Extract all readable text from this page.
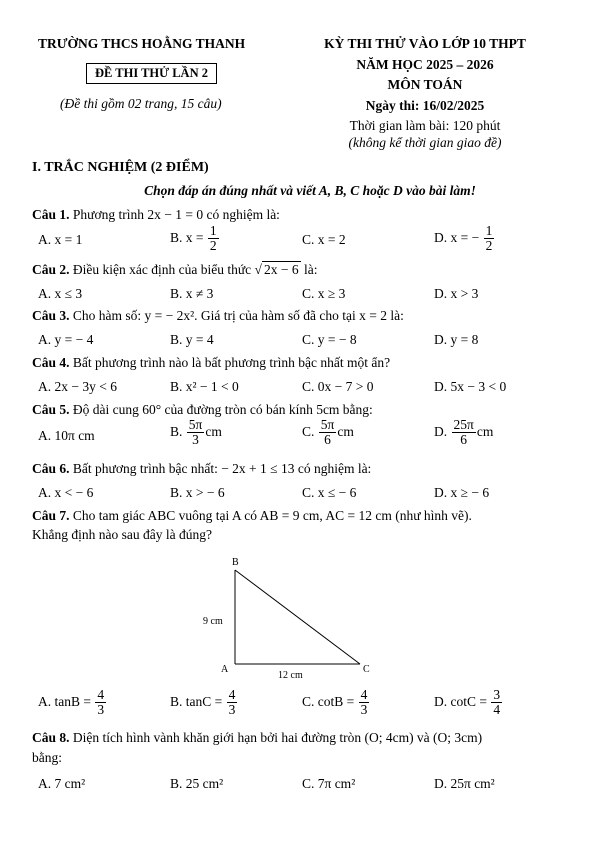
TRƯỜNG THCS HOẰNG THANH
ĐỀ THI THỬ LẦN 2
(Đề thi gồm 02 trang, 15 câu)
KỲ THI THỬ VÀO LỚP 10 THPT
NĂM HỌC 2025 – 2026
MÔN TOÁN
Ngày thi: 16/02/2025
Thời gian làm bài: 120 phút
(không kể thời gian giao đề)
I. TRẮC NGHIỆM (2 ĐIỂM)
Chọn đáp án đúng nhất và viết A, B, C hoặc D vào bài làm!
Câu 1. Phương trình 2x − 1 = 0 có nghiệm là:
A. x = 1	B. $x = \frac{1}{2}$	C. x = 2	D. x = − $\frac{1}{2}$
Câu 2. Điều kiện xác định của biểu thức √ 2x − 6 là:
A. x ≤ 3	B. x ≠ 3	C. x ≥ 3	D. x > 3
Câu 3. Cho hàm số: y = − 2x². Giá trị của hàm số đã cho tại x = 2 là:
A. y = − 4	B. y = 4	C. y = − 8	D. y = 8
Câu 4. Bất phương trình nào là bất phương trình bậc nhất một ẩn?
A. 2x − 3y < 6	B. x² − 1 < 0	C. 0x − 7 > 0	D. 5x − 3 < 0
Câu 5. Độ dài cung 60° của đường tròn có bán kính 5cm bằng:
A. 10π cm	B. $\frac{5\pi}{3}$ cm	C. $\frac{5\pi}{6}$ cm	D. $\frac{25\pi}{6}$ cm
Câu 6. Bất phương trình bậc nhất: − 2x + 1 ≤ 13 có nghiệm là:
A. x < − 6	B. x > − 6	C. x ≤ − 6	D. x ≥ − 6
Câu 7. Cho tam giác ABC vuông tại A có AB = 9 cm, AC = 12 cm (như hình vẽ).
Khẳng định nào sau đây là đúng?
B
A	C
9 cm
12 cm
A. $\tan B = \frac{4}{3}$	B. $\tan C = \frac{4}{3}$	C. $\cot B = \frac{4}{3}$	D. $\cot C = \frac{3}{4}$
Câu 8. Diện tích hình vành khăn giới hạn bởi hai đường tròn (O; 4cm) và (O; 3cm)
bằng:
A. 7 cm²	B. 25 cm²	C. 7π cm²	D. 25π cm²
